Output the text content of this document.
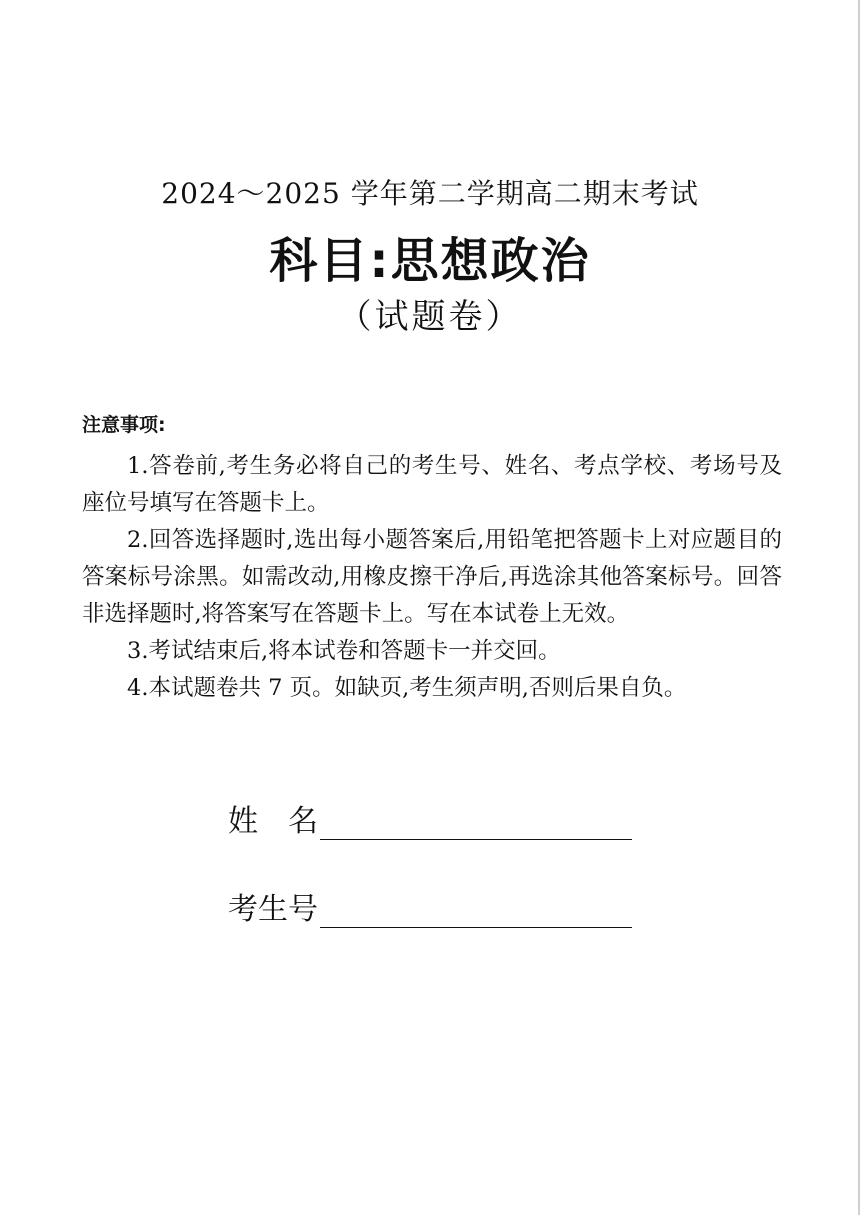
2024～2025 学年第二学期高二期末考试
科目:思想政治
（试题卷）
注意事项:

1.答卷前,考生务必将自己的考生号、姓名、考点学校、考场号及座位号填写在答题卡上。

2.回答选择题时,选出每小题答案后,用铅笔把答题卡上对应题目的答案标号涂黑。如需改动,用橡皮擦干净后,再选涂其他答案标号。回答非选择题时,将答案写在答题卡上。写在本试卷上无效。

3.考试结束后,将本试卷和答题卡一并交回。

4.本试题卷共 7 页。如缺页,考生须声明,否则后果自负。

姓　名
考生号
